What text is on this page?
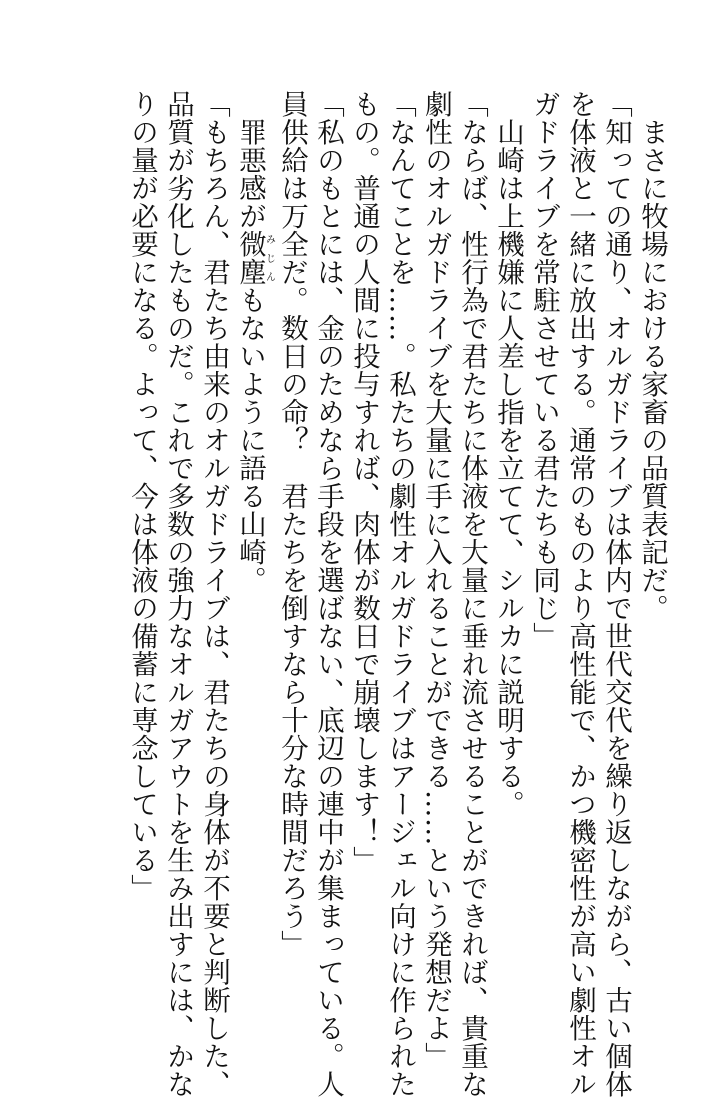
まさに牧場における家畜の品質表記だ。
「知っての通り、オルガドライブは体内で世代交代を繰り返しながら、古い個体
を体液と一緒に放出する。通常のものより高性能で、かつ機密性が高い劇性オル
ガドライブを常駐させている君たちも同じ」
山崎は上機嫌に人差し指を立てて、シルカに説明する。
「ならば、性行為で君たちに体液を大量に垂れ流させることができれば、貴重な
劇性のオルガドライブを大量に手に入れることができる……という発想だよ」
「なんてことを……。私たちの劇性オルガドライブはアージェル向けに作られた
もの。普通の人間に投与すれば、肉体が数日で崩壊します！」
「私のもとには、金のためなら手段を選ばない、底辺の連中が集まっている。人
員供給は万全だ。数日の命？　君たちを倒すなら十分な時間だろう」
罪悪感が微塵みじんもないように語る山崎。
「もちろん、君たち由来のオルガドライブは、君たちの身体が不要と判断した、
品質が劣化したものだ。これで多数の強力なオルガアウトを生み出すには、かな
りの量が必要になる。よって、今は体液の備蓄に専念している」
